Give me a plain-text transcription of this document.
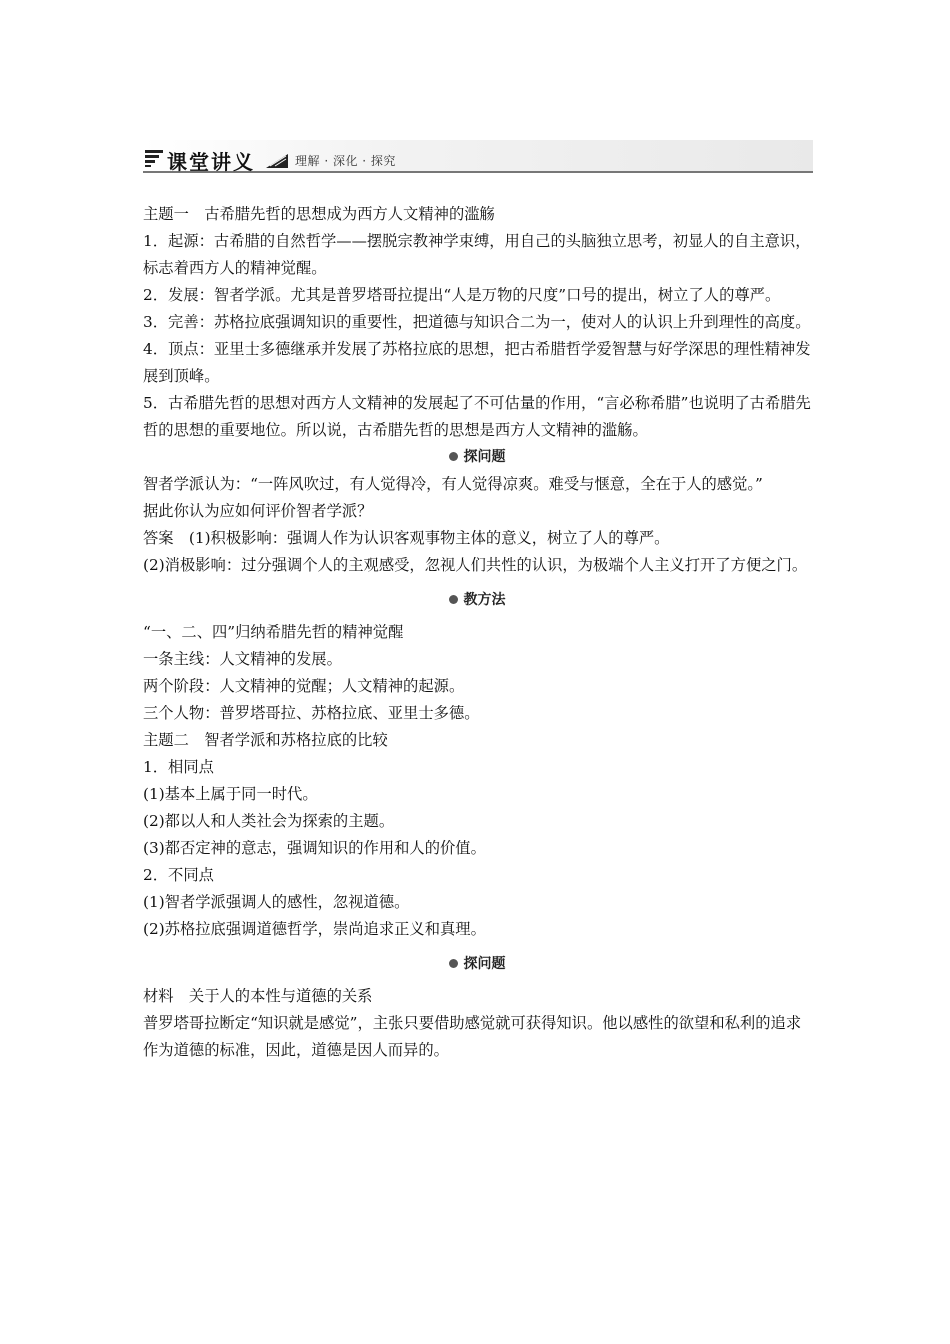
课堂讲义	理解 · 深化 · 探究

主题一　古希腊先哲的思想成为西方人文精神的滥觞

1．起源：古希腊的自然哲学——摆脱宗教神学束缚，用自己的头脑独立思考，初显人的自主意识，标志着西方人的精神觉醒。

2．发展：智者学派。尤其是普罗塔哥拉提出“人是万物的尺度”口号的提出，树立了人的尊严。

3．完善：苏格拉底强调知识的重要性，把道德与知识合二为一，使对人的认识上升到理性的高度。

4．顶点：亚里士多德继承并发展了苏格拉底的思想，把古希腊哲学爱智慧与好学深思的理性精神发展到顶峰。

5．古希腊先哲的思想对西方人文精神的发展起了不可估量的作用，“言必称希腊”也说明了古希腊先哲的思想的重要地位。所以说，古希腊先哲的思想是西方人文精神的滥觞。

探问题

智者学派认为：“一阵风吹过，有人觉得冷，有人觉得凉爽。难受与惬意，全在于人的感觉。”

据此你认为应如何评价智者学派？

答案　(1)积极影响：强调人作为认识客观事物主体的意义，树立了人的尊严。

(2)消极影响：过分强调个人的主观感受，忽视人们共性的认识，为极端个人主义打开了方便之门。

教方法

“一、二、四”归纳希腊先哲的精神觉醒

一条主线：人文精神的发展。

两个阶段：人文精神的觉醒；人文精神的起源。

三个人物：普罗塔哥拉、苏格拉底、亚里士多德。

主题二　智者学派和苏格拉底的比较

1．相同点

(1)基本上属于同一时代。

(2)都以人和人类社会为探索的主题。

(3)都否定神的意志，强调知识的作用和人的价值。

2．不同点

(1)智者学派强调人的感性，忽视道德。

(2)苏格拉底强调道德哲学，崇尚追求正义和真理。

探问题

材料　关于人的本性与道德的关系

普罗塔哥拉断定“知识就是感觉”，主张只要借助感觉就可获得知识。他以感性的欲望和私利的追求作为道德的标准，因此，道德是因人而异的。
